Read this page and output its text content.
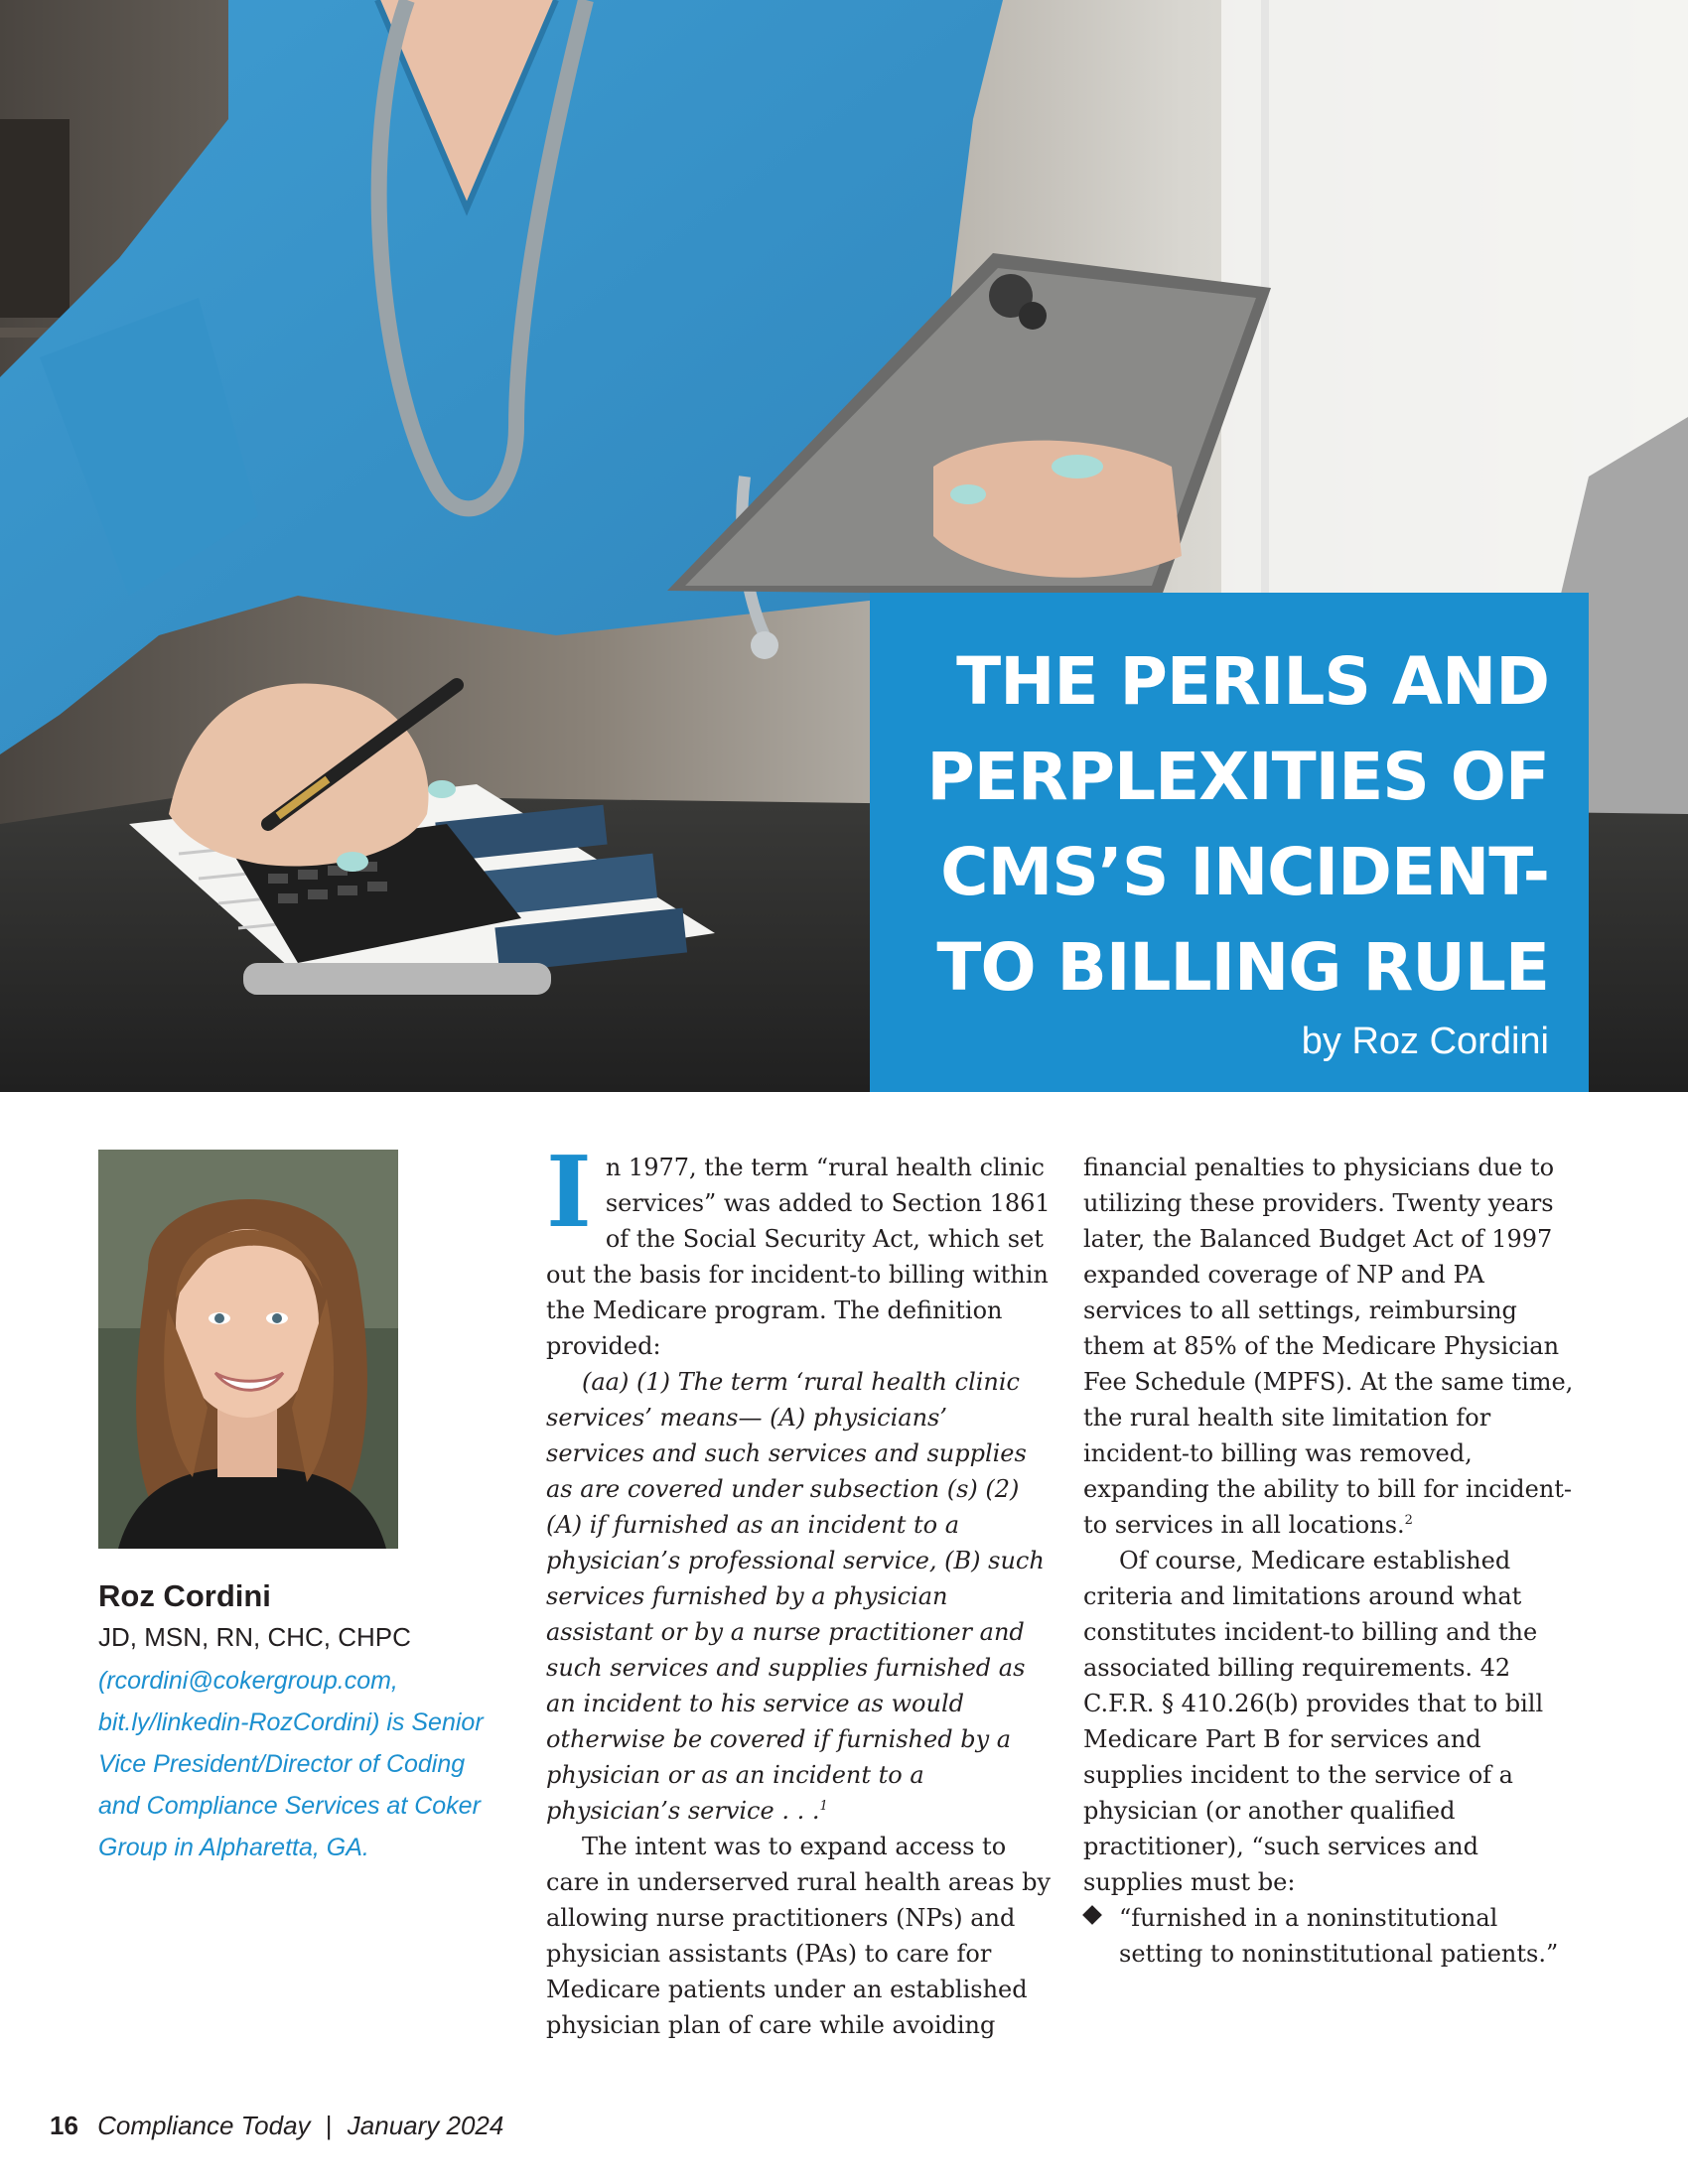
THE PERILS AND
PERPLEXITIES OF
CMS’S INCIDENT-
TO BILLING RULE
by Roz Cordini
Roz Cordini
JD, MSN, RN, CHC, CHPC

(rcordini@cokergroup.com, bit.ly/linkedin-RozCordini) is Senior Vice President/Director of Coding and Compliance Services at Coker Group in Alpharetta, GA.

In 1977, the term “rural health clinic services” was added to Section 1861 of the Social Security Act, which set out the basis for incident-to billing within the Medicare program. The definition provided:

(aa) (1) The term ‘rural health clinic services’ means— (A) physicians’ services and such services and supplies as are covered under subsection (s) (2) (A) if furnished as an incident to a physician’s professional service, (B) such services furnished by a physician assistant or by a nurse practitioner and such services and supplies furnished as an incident to his service as would otherwise be covered if furnished by a physician or as an incident to a physician’s service . . .$^1$

The intent was to expand access to care in underserved rural health areas by allowing nurse practitioners (NPs) and physician assistants (PAs) to care for Medicare patients under an established physician plan of care while avoiding

financial penalties to physicians due to utilizing these providers. Twenty years later, the Balanced Budget Act of 1997 expanded coverage of NP and PA services to all settings, reimbursing them at 85% of the Medicare Physician Fee Schedule (MPFS). At the same time, the rural health site limitation for incident-to billing was removed, expanding the ability to bill for incident-to services in all locations.$^2$

Of course, Medicare established criteria and limitations around what constitutes incident-to billing and the associated billing requirements. 42 C.F.R. § 410.26(b) provides that to bill Medicare Part B for services and supplies incident to the service of a physician (or another qualified practitioner), “such services and supplies must be:

“furnished in a noninstitutional setting to noninstitutional patients.”

16 Compliance Today | January 2024
